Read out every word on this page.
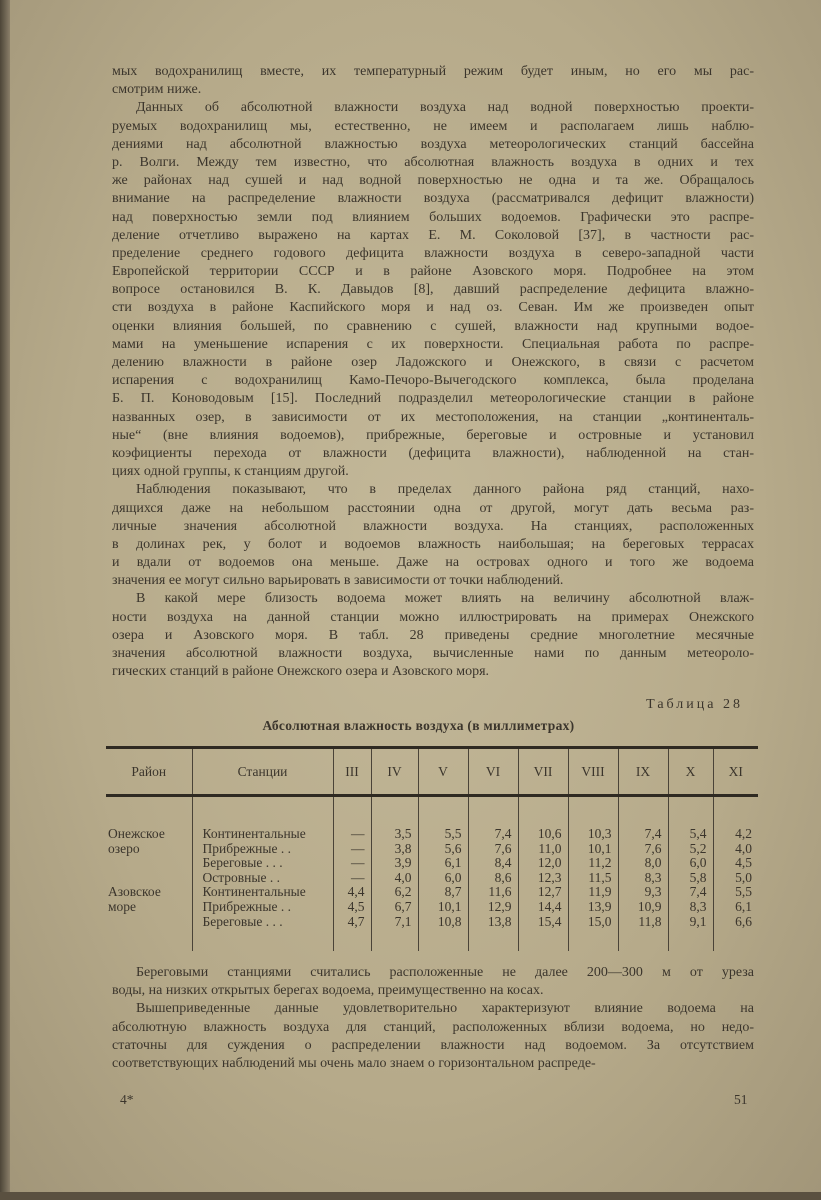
мых водохранилищ вместе, их температурный режим будет иным, но его мы рас-
смотрим ниже.
Данных об абсолютной влажности воздуха над водной поверхностью проекти-
руемых водохранилищ мы, естественно, не имеем и располагаем лишь наблю-
дениями над абсолютной влажностью воздуха метеорологических станций бассейна
р. Волги. Между тем известно, что абсолютная влажность воздуха в одних и тех
же районах над сушей и над водной поверхностью не одна и та же. Обращалось
внимание на распределение влажности воздуха (рассматривался дефицит влажности)
над поверхностью земли под влиянием больших водоемов. Графически это распре-
деление отчетливо выражено на картах Е. М. Соколовой [37], в частности рас-
пределение среднего годового дефицита влажности воздуха в северо-западной части
Европейской территории СССР и в районе Азовского моря. Подробнее на этом
вопросе остановился В. К. Давыдов [8], давший распределение дефицита влажно-
сти воздуха в районе Каспийского моря и над оз. Севан. Им же произведен опыт
оценки влияния большей, по сравнению с сушей, влажности над крупными водое-
мами на уменьшение испарения с их поверхности. Специальная работа по распре-
делению влажности в районе озер Ладожского и Онежского, в связи с расчетом
испарения с водохранилищ Камо-Печоро-Вычегодского комплекса, была проделана
Б. П. Коноводовым [15]. Последний подразделил метеорологические станции в районе
названных озер, в зависимости от их местоположения, на станции „континенталь-
ные“ (вне влияния водоемов), прибрежные, береговые и островные и установил
коэфициенты перехода от влажности (дефицита влажности), наблюденной на стан-
циях одной группы, к станциям другой.
Наблюдения показывают, что в пределах данного района ряд станций, нахо-
дящихся даже на небольшом расстоянии одна от другой, могут дать весьма раз-
личные значения абсолютной влажности воздуха. На станциях, расположенных
в долинах рек, у болот и водоемов влажность наибольшая; на береговых террасах
и вдали от водоемов она меньше. Даже на островах одного и того же водоема
значения ее могут сильно варьировать в зависимости от точки наблюдений.
В какой мере близость водоема может влиять на величину абсолютной влаж-
ности воздуха на данной станции можно иллюстрировать на примерах Онежского
озера и Азовского моря. В табл. 28 приведены средние многолетние месячные
значения абсолютной влажности воздуха, вычисленные нами по данным метеороло-
гических станций в районе Онежского озера и Азовского моря.
Таблица 28
Абсолютная влажность воздуха (в миллиметрах)
Район	Станции	III	IV	V	VI	VII	VIII	IX	X	XI

Онежское	Континентальные	—	3,5	5,5	7,4	10,6	10,3	7,4	5,4	4,2
озеро	Прибрежные . .	—	3,8	5,6	7,6	11,0	10,1	7,6	5,2	4,0
	Береговые . . .	—	3,9	6,1	8,4	12,0	11,2	8,0	6,0	4,5
	Островные . .	—	4,0	6,0	8,6	12,3	11,5	8,3	5,8	5,0
Азовское	Континентальные	4,4	6,2	8,7	11,6	12,7	11,9	9,3	7,4	5,5
море	Прибрежные . .	4,5	6,7	10,1	12,9	14,4	13,9	10,9	8,3	6,1
	Береговые . . .	4,7	7,1	10,8	13,8	15,4	15,0	11,8	9,1	6,6

Береговыми станциями считались расположенные не далее 200—300 м от уреза
воды, на низких открытых берегах водоема, преимущественно на косах.
Вышеприведенные данные удовлетворительно характеризуют влияние водоема на
абсолютную влажность воздуха для станций, расположенных вблизи водоема, но недо-
статочны для суждения о распределении влажности над водоемом. За отсутствием
соответствующих наблюдений мы очень мало знаем о горизонтальном распреде-
4*	51
